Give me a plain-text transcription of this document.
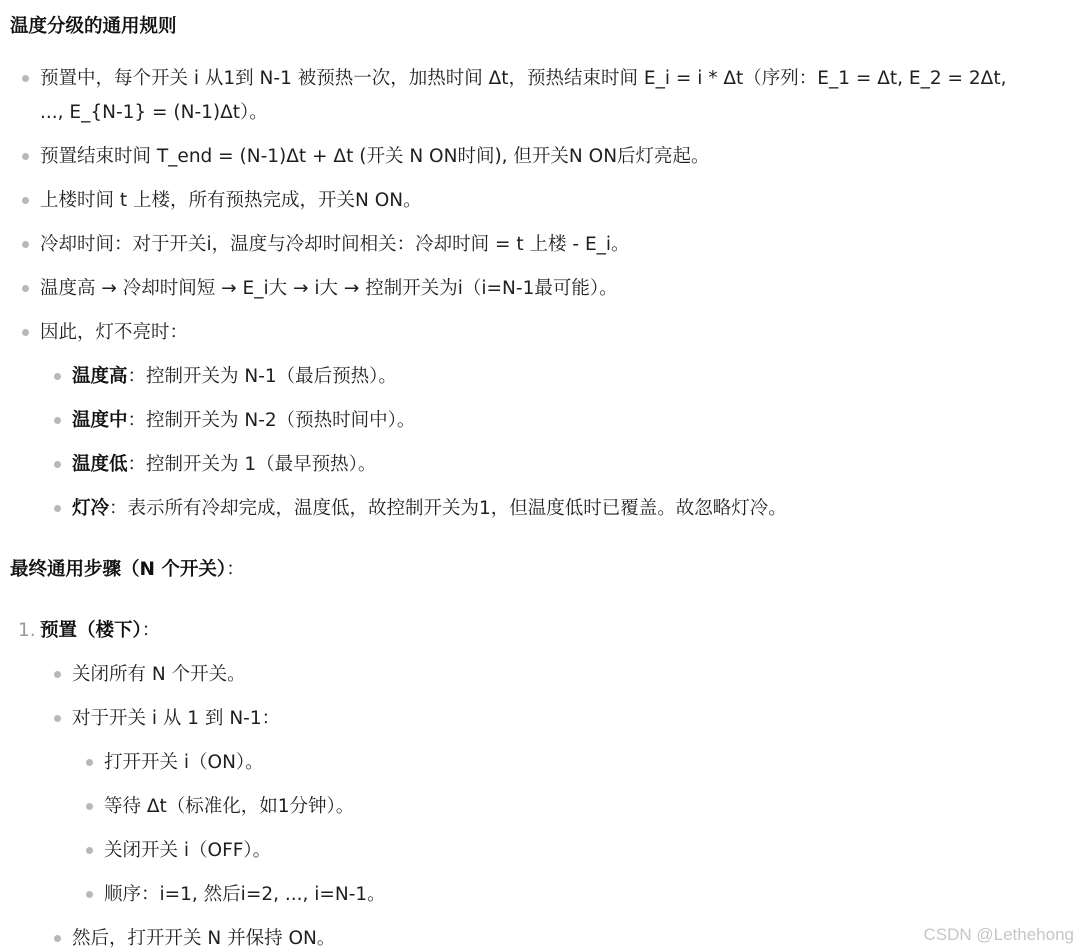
温度分级的通用规则
预置中，每个开关 i 从1到 N-1 被预热一次，加热时间 Δt，预热结束时间 E_i = i * Δt（序列：E_1 = Δt, E_2 = 2Δt,
..., E_{N-1} = (N-1)Δt）。
预置结束时间 T_end = (N-1)Δt + Δt (开关 N ON时间), 但开关N ON后灯亮起。
上楼时间 t 上楼，所有预热完成，开关N ON。
冷却时间：对于开关i，温度与冷却时间相关：冷却时间 = t 上楼 - E_i。
温度高 → 冷却时间短 → E_i大 → i大 → 控制开关为i（i=N-1最可能）。
因此，灯不亮时：
温度高：控制开关为 N-1（最后预热）。
温度中：控制开关为 N-2（预热时间中）。
温度低：控制开关为 1（最早预热）。
灯冷：表示所有冷却完成，温度低，故控制开关为1，但温度低时已覆盖。故忽略灯冷。
最终通用步骤（N 个开关）：
1. 预置（楼下）：
关闭所有 N 个开关。
对于开关 i 从 1 到 N-1：
打开开关 i（ON）。
等待 Δt（标准化，如1分钟）。
关闭开关 i（OFF）。
顺序：i=1, 然后i=2, ..., i=N-1。
然后，打开开关 N 并保持 ON。	CSDN @Lethehong
